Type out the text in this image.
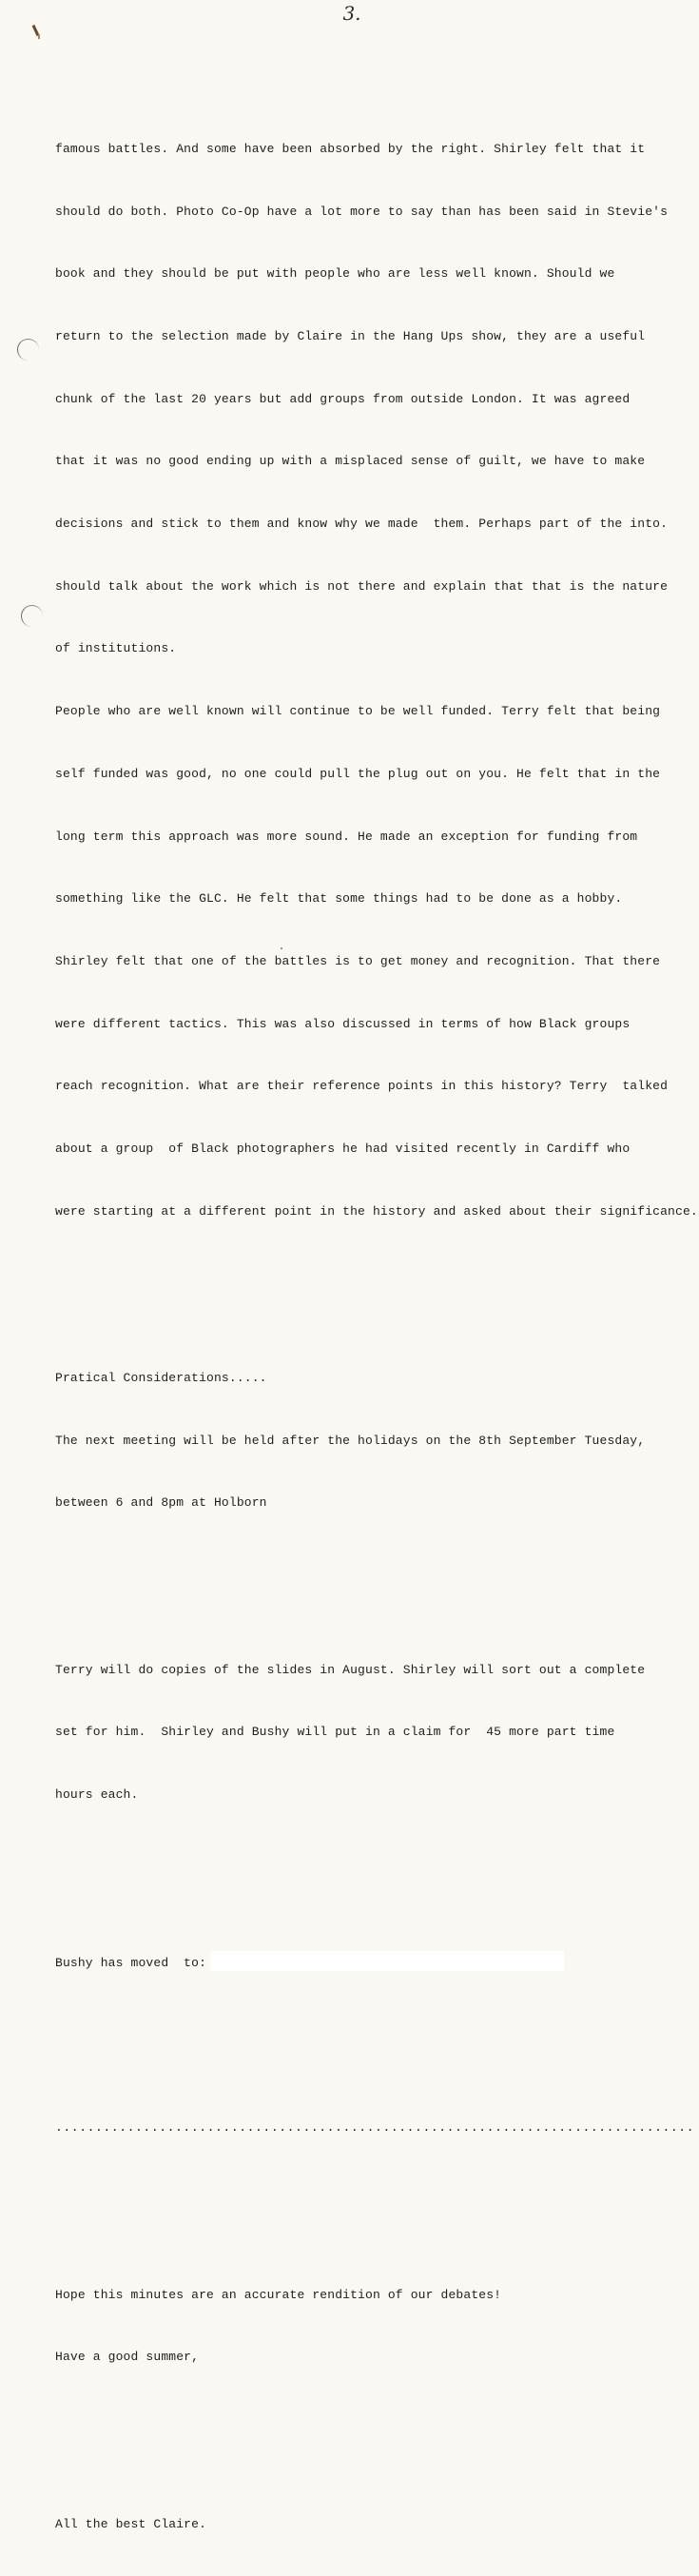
3.

famous battles. And some have been absorbed by the right. Shirley felt that it

should do both. Photo Co-Op have a lot more to say than has been said in Stevie's

book and they should be put with people who are less well known. Should we

return to the selection made by Claire in the Hang Ups show, they are a useful

chunk of the last 20 years but add groups from outside London. It was agreed

that it was no good ending up with a misplaced sense of guilt, we have to make

decisions and stick to them and know why we made  them. Perhaps part of the into.

should talk about the work which is not there and explain that that is the nature

of institutions.

People who are well known will continue to be well funded. Terry felt that being

self funded was good, no one could pull the plug out on you. He felt that in the

long term this approach was more sound. He made an exception for funding from

something like the GLC. He felt that some things had to be done as a hobby.

Shirley felt that one of the battles is to get money and recognition. That there

were different tactics. This was also discussed in terms of how Black groups

reach recognition. What are their reference points in this history? Terry  talked

about a group  of Black photographers he had visited recently in Cardiff who

were starting at a different point in the history and asked about their significance.

Pratical Considerations.....

The next meeting will be held after the holidays on the 8th September Tuesday,

between 6 and 8pm at Holborn

Terry will do copies of the slides in August. Shirley will sort out a complete

set for him.  Shirley and Bushy will put in a claim for  45 more part time

hours each.

Bushy has moved  to:

................................................................................

Hope this minutes are an accurate rendition of our debates!

Have a good summer,

All the best Claire.
